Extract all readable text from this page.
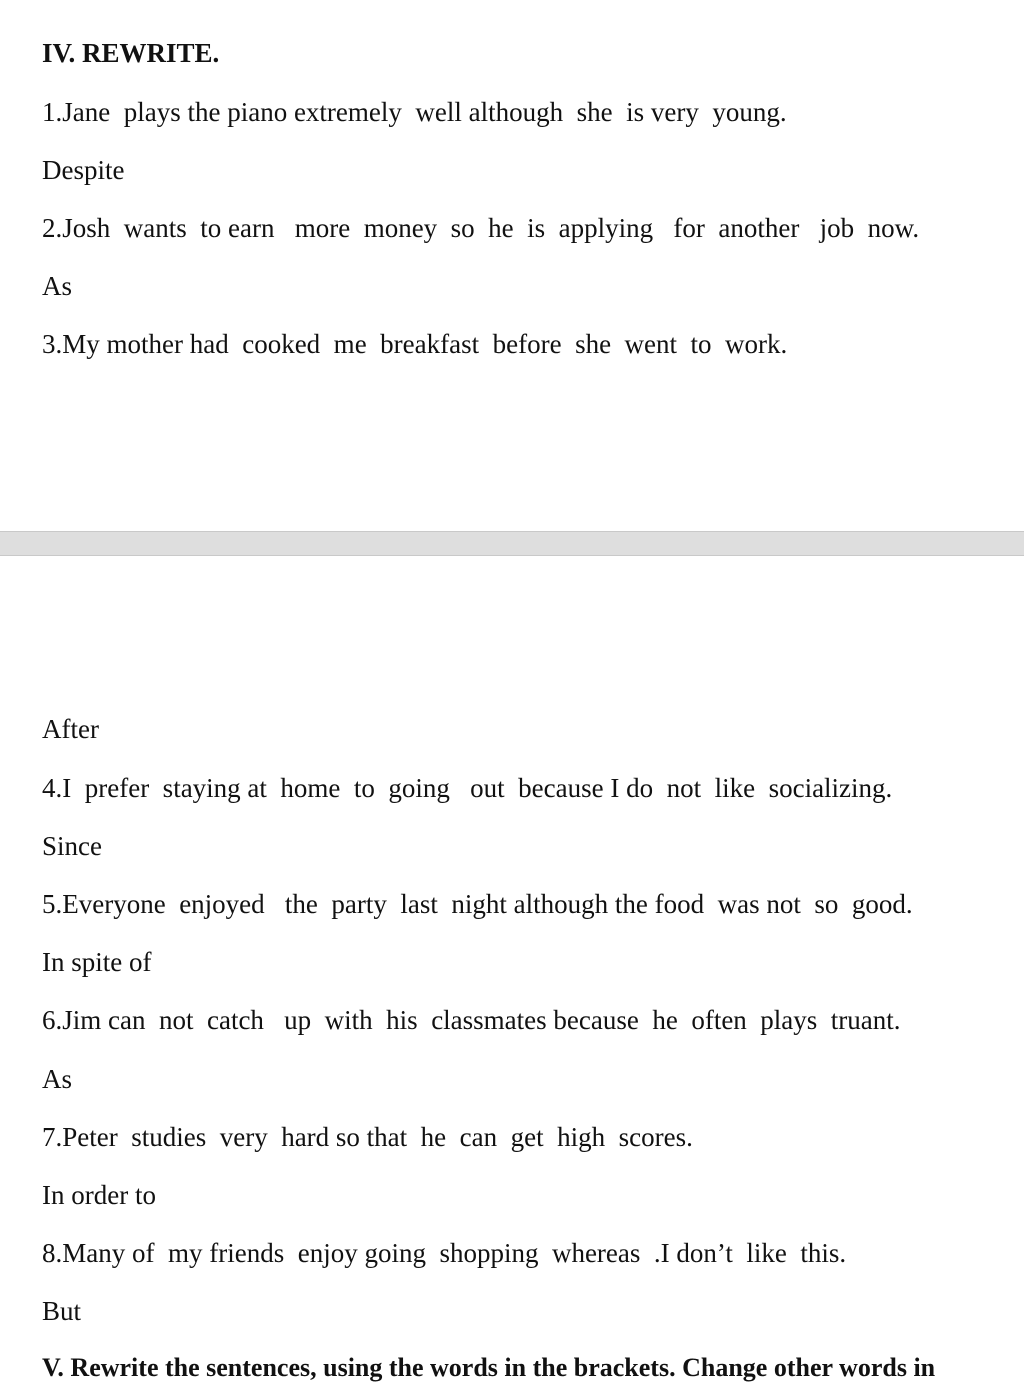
IV. REWRITE.

1.Jane  plays the piano extremely  well although  she  is very  young.

Despite

2.Josh  wants  to earn   more  money  so  he  is  applying   for  another   job  now.

As

3.My mother had  cooked  me  breakfast  before  she  went  to  work.

After

4.I  prefer  staying at  home  to  going   out  because I do  not  like  socializing.

Since

5.Everyone  enjoyed   the  party  last  night although the food  was not  so  good.

In spite of

6.Jim can  not  catch   up  with  his  classmates because  he  often  plays  truant.

As

7.Peter  studies  very  hard so that  he  can  get  high  scores.

In order to

8.Many of  my friends  enjoy going  shopping  whereas  .I don’t  like  this.

But

V. Rewrite the sentences, using the words in the brackets. Change other words in
